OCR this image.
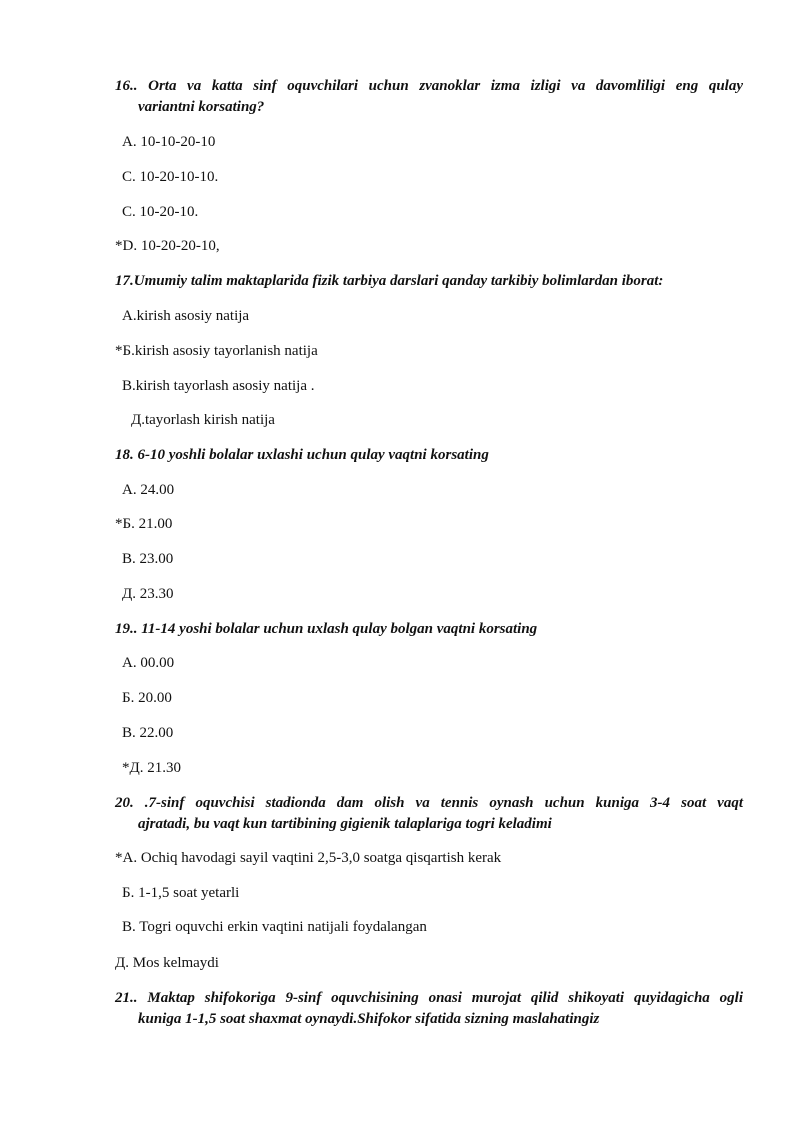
16.. Orta va katta sinf oquvchilari uchun zvanoklar izma izligi va davomliligi eng qulay
variantni korsating?
A. 10-10-20-10
C. 10-20-10-10.
C. 10-20-10.
*D. 10-20-20-10,
17.Umumiy talim maktaplarida fizik tarbiya darslari qanday tarkibiy bolimlardan iborat:
A.kirish asosiy natija
*Б.kirish asosiy tayorlanish natija
B.kirish tayorlash asosiy natija .
Д.tayorlash kirish natija
18. 6-10 yoshli bolalar uxlashi uchun qulay vaqtni korsating
A. 24.00
*Б. 21.00
B. 23.00
Д. 23.30
19.. 11-14 yoshi bolalar uchun uxlash qulay bolgan vaqtni korsating
A. 00.00
Б. 20.00
B. 22.00
*Д. 21.30
20. .7-sinf oquvchisi stadionda dam olish va tennis oynash uchun kuniga 3-4 soat vaqt
ajratadi, bu vaqt kun tartibining gigienik talaplariga togri keladimi
*A. Ochiq havodagi sayil vaqtini 2,5-3,0 soatga qisqartish kerak
Б. 1-1,5 soat yetarli
B. Togri oquvchi erkin vaqtini natijali foydalangan
Д. Mos kelmaydi
21.. Maktap shifokoriga 9-sinf oquvchisining onasi murojat qilid shikoyati quyidagicha ogli
kuniga 1-1,5 soat shaxmat oynaydi.Shifokor sifatida sizning maslahatingiz
